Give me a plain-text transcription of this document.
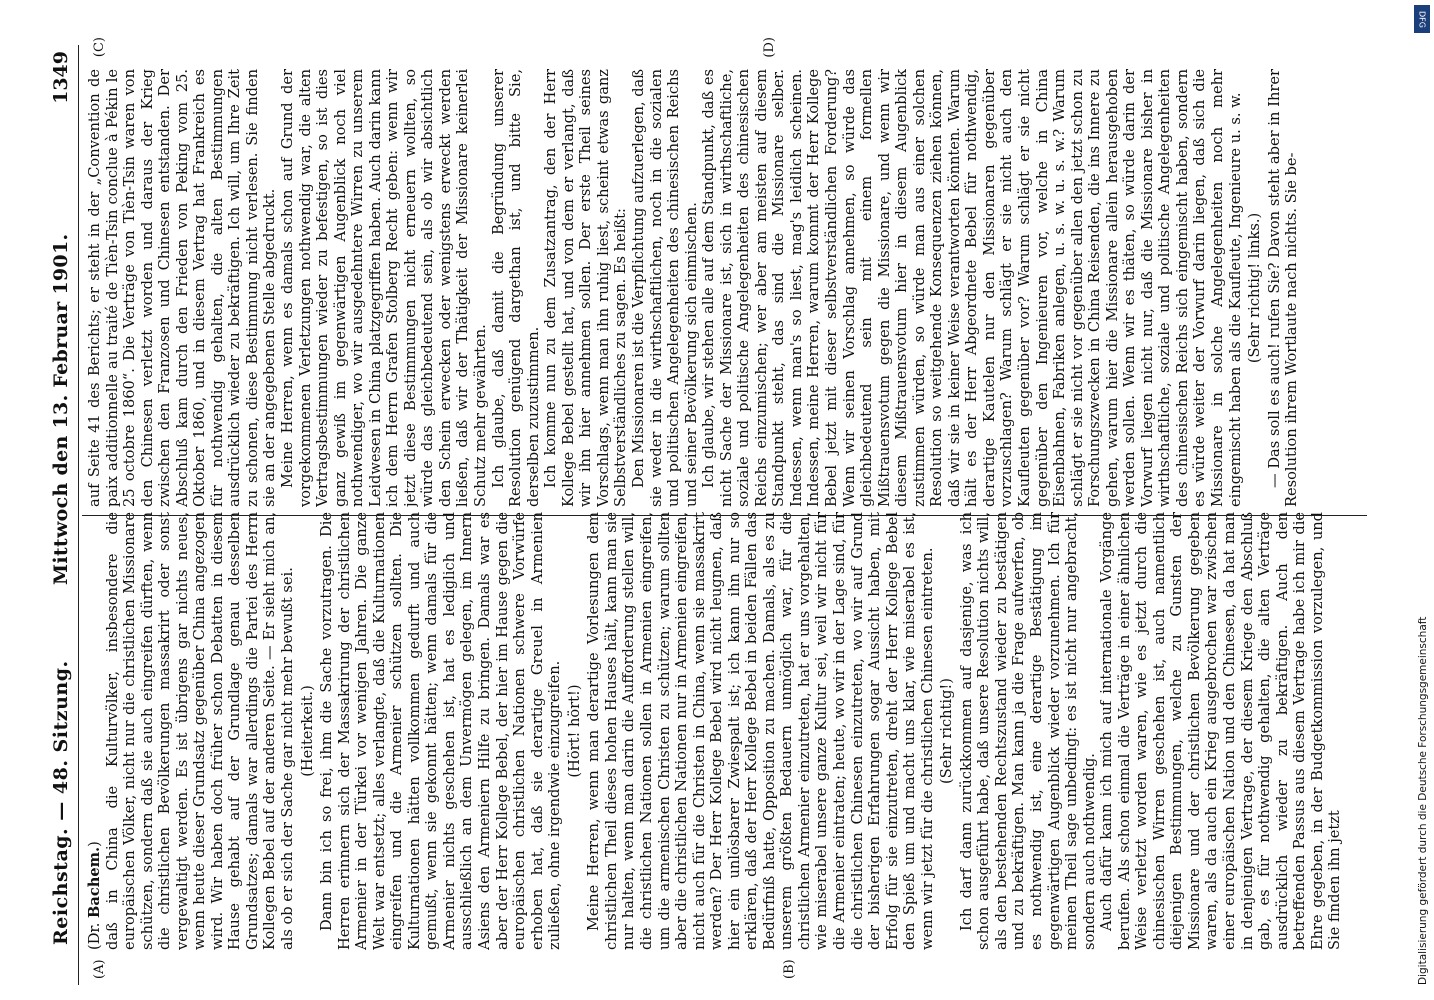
Reichstag. — 48. Sitzung.
Mittwoch den 13. Februar 1901.
1349
(A)	(B)
(C)	(D)

(Dr. Bachem.) daß in China die Kulturvölker, insbesondere die europäischen Völker, nicht nur die christlichen Missionare schützen, sondern daß sie auch eingreifen dürften, wenn die christlichen Bevölkerungen massakrirt oder sonst vergewaltigt werden. Es ist übrigens gar nichts neues, wenn heute dieser Grundsatz gegenüber China angezogen wird. Wir haben doch früher schon Debatten in diesem Hause gehabt auf der Grundlage genau desselben Grundsatzes; damals war allerdings die Partei des Herrn Kollegen Bebel auf der anderen Seite. — Er sieht mich an, als ob er sich der Sache gar nicht mehr bewußt sei. (Heiterkeit.) Dann bin ich so frei, ihm die Sache vorzutragen. Die Herren erinnern sich der Massakrirung der christlichen Armenier in der Türkei vor wenigen Jahren. Die ganze Welt war entsetzt; alles verlangte, daß die Kulturnationen eingreifen und die Armenier schützen sollten. Die Kulturnationen hätten vollkommen gedurft und auch gemußt, wenn sie gekonnt hätten; wenn damals für die Armenier nichts geschehen ist, hat es lediglich und ausschließlich an dem Unvermögen gelegen, im Innern Asiens den Armeniern Hilfe zu bringen. Damals war es aber der Herr Kollege Bebel, der hier im Hause gegen die europäischen christlichen Nationen schwere Vorwürfe erhoben hat, daß sie derartige Greuel in Armenien zuließen, ohne irgendwie einzugreifen. (Hört! hört!) Meine Herren, wenn man derartige Vorlesungen dem christlichen Theil dieses hohen Hauses hält, kann man sie nur halten, wenn man darin die Aufforderung stellen will, die christlichen Nationen sollen in Armenien eingreifen, um die armenischen Christen zu schützen; warum sollten aber die christlichen Nationen nur in Armenien eingreifen, nicht auch für die Christen in China, wenn sie massakrirt werden? Der Herr Kollege Bebel wird nicht leugnen, daß hier ein unlösbarer Zwiespalt ist; ich kann ihn nur so erklären, daß der Herr Kollege Bebel in beiden Fällen das Bedürfniß hatte, Opposition zu machen. Damals, als es zu unserem größten Bedauern unmöglich war, für die christlichen Armenier einzutreten, hat er uns vorgehalten, wie miserabel unsere ganze Kultur sei, weil wir nicht für die Armenier eintraten; heute, wo wir in der Lage sind, für die christlichen Chinesen einzutreten, wo wir auf Grund der bisherigen Erfahrungen sogar Aussicht haben, mit Erfolg für sie einzutreten, dreht der Herr Kollege Bebel den Spieß um und macht uns klar, wie miserabel es ist, wenn wir jetzt für die christlichen Chinesen eintreten. (Sehr richtig!) Ich darf dann zurückkommen auf dasjenige, was ich schon ausgeführt habe, daß unsere Resolution nichts will, als den bestehenden Rechtszustand wieder zu bestätigen und zu bekräftigen. Man kann ja die Frage aufwerfen, ob es nothwendig ist, eine derartige Bestätigung im gegenwärtigen Augenblick wieder vorzunehmen. Ich für meinen Theil sage unbedingt: es ist nicht nur angebracht, sondern auch nothwendig. Auch dafür kann ich mich auf internationale Vorgänge berufen. Als schon einmal die Verträge in einer ähnlichen Weise verletzt worden waren, wie es jetzt durch die chinesischen Wirren geschehen ist, auch namentlich diejenigen Bestimmungen, welche zu Gunsten der Missionare und der christlichen Bevölkerung gegeben waren, als da auch ein Krieg ausgebrochen war zwischen einer europäischen Nation und den Chinesen, da hat man in denjenigen Vertrage, der diesem Kriege den Abschluß gab, es für nothwendig gehalten, die alten Verträge ausdrücklich wieder zu bekräftigen. Auch den betreffenden Passus aus diesem Vertrage habe ich mir die Ehre gegeben, in der Budgetkommission vorzulegen, und Sie finden ihn jetzt

auf Seite 41 des Berichts; er steht in der „Convention de paix additionnelle au traité de Tièn-Tsin conclue à Pékin le 25 octobre 1860“. Die Verträge von Tièn-Tsin waren von den Chinesen verletzt worden und daraus der Krieg zwischen den Franzosen und Chinesen entstanden. Der Abschluß kam durch den Frieden von Peking vom 25. Oktober 1860, und in diesem Vertrag hat Frankreich es für nothwendig gehalten, die alten Bestimmungen ausdrücklich wieder zu bekräftigen. Ich will, um Ihre Zeit zu schonen, diese Bestimmung nicht verlesen. Sie finden sie an der angegebenen Stelle abgedruckt. Meine Herren, wenn es damals schon auf Grund der vorgekommenen Verletzungen nothwendig war, die alten Vertragsbestimmungen wieder zu befestigen, so ist dies ganz gewiß im gegenwärtigen Augenblick noch viel nothwendiger, wo wir ausgedehntere Wirren zu unserem Leidwesen in China platzgegriffen haben. Auch darin kann ich dem Herrn Grafen Stolberg Recht geben: wenn wir jetzt diese Bestimmungen nicht erneuern wollten, so würde das gleichbedeutend sein, als ob wir absichtlich den Schein erwecken oder wenigstens erweckt werden ließen, daß wir der Thätigkeit der Missionare keinerlei Schutz mehr gewährten. Ich glaube, daß damit die Begründung unserer Resolution genügend dargethan ist, und bitte Sie, derselben zuzustimmen. Ich komme nun zu dem Zusatzantrag, den der Herr Kollege Bebel gestellt hat, und von dem er verlangt, daß wir ihn hier annehmen sollen. Der erste Theil seines Vorschlags, wenn man ihn ruhig liest, scheint etwas ganz Selbstverständliches zu sagen. Es heißt: Den Missionaren ist die Verpflichtung aufzuerlegen, daß sie weder in die wirthschaftlichen, noch in die sozialen und politischen Angelegenheiten des chinesischen Reichs und seiner Bevölkerung sich einmischen. Ich glaube, wir stehen alle auf dem Standpunkt, daß es nicht Sache der Missionare ist, sich in wirthschaftliche, soziale und politische Angelegenheiten des chinesischen Reichs einzumischen; wer aber am meisten auf diesem Standpunkt steht, das sind die Missionare selber. Indessen, wenn man's so liest, mag's leidlich scheinen. Indessen, meine Herren, warum kommt der Herr Kollege Bebel jetzt mit dieser selbstverständlichen Forderung? Wenn wir seinen Vorschlag annehmen, so würde das gleichbedeutend sein mit einem formellen Mißtrauensvotum gegen die Missionare, und wenn wir diesem Mißtrauensvotum hier in diesem Augenblick zustimmen würden, so würde man aus einer solchen Resolution so weitgehende Konsequenzen ziehen können, daß wir sie in keiner Weise verantworten könnten. Warum hält es der Herr Abgeordnete Bebel für nothwendig, derartige Kautelen nur den Missionaren gegenüber vorzuschlagen? Warum schlägt er sie nicht auch den Kaufleuten gegenüber vor? Warum schlägt er sie nicht gegenüber den Ingenieuren vor, welche in China Eisenbahnen, Fabriken anlegen, u. s. w. u. s. w.? Warum schlägt er sie nicht vor gegenüber allen den jetzt schon zu Forschungszwecken in China Reisenden, die ins Innere zu gehen, warum hier die Missionare allein herausgehoben werden sollen. Wenn wir es thäten, so würde darin der Vorwurf liegen nicht nur, daß die Missionare bisher in wirthschaftliche, soziale und politische Angelegenheiten des chinesischen Reichs sich eingemischt haben, sondern es würde weiter der Vorwurf darin liegen, daß sich die Missionare in solche Angelegenheiten noch mehr eingemischt haben als die Kaufleute, Ingenieure u. s. w. (Sehr richtig! links.) — Das soll es auch! rufen Sie? Davon steht aber in Ihrer Resolution ihrem Wortlaute nach nichts. Sie be-

DFG
Digitalisierung gefördert durch die Deutsche Forschungsgemeinschaft
